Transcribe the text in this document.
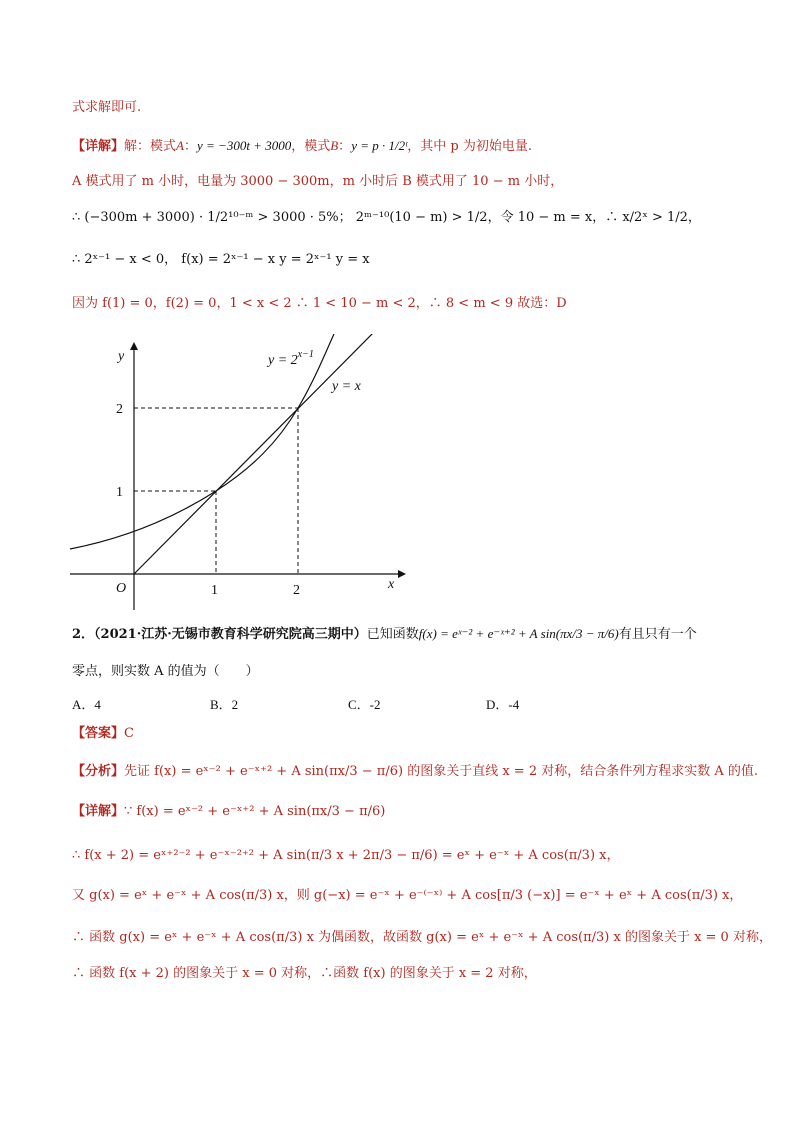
式求解即可.
【详解】解：模式A：y = −300t + 3000，模式B：y = p · 1/2ᵗ，其中 p 为初始电量.
A 模式用了 m 小时，电量为 3000 − 300m，m 小时后 B 模式用了 10 − m 小时，
∴ (−300m + 3000) · 1/2¹⁰⁻ᵐ > 3000 · 5%； 2ᵐ⁻¹⁰(10 − m) > 1/2，令 10 − m = x，∴ x/2ˣ > 1/2，
∴ 2ˣ⁻¹ − x < 0， f(x) = 2ˣ⁻¹ − x y = 2ˣ⁻¹ y = x
因为 f(1) = 0，f(2) = 0，1 < x < 2 ∴ 1 < 10 − m < 2，∴ 8 < m < 9 故选：D
y
x
O
$y = 2^{x-1}$
y = x
1	2
1
2
2．（2021·江苏·无锡市教育科学研究院高三期中）已知函数f(x) = eˣ⁻² + e⁻ˣ⁺² + A sin(πx/3 − π/6)有且只有一个
零点，则实数 A 的值为（　　）
A．4	B．2	C．-2	D．-4
【答案】C
【分析】先证 f(x) = eˣ⁻² + e⁻ˣ⁺² + A sin(πx/3 − π/6) 的图象关于直线 x = 2 对称，结合条件列方程求实数 A 的值.
【详解】∵ f(x) = eˣ⁻² + e⁻ˣ⁺² + A sin(πx/3 − π/6)
∴ f(x + 2) = eˣ⁺²⁻² + e⁻ˣ⁻²⁺² + A sin(π/3 x + 2π/3 − π/6) = eˣ + e⁻ˣ + A cos(π/3) x，
又 g(x) = eˣ + e⁻ˣ + A cos(π/3) x，则 g(−x) = e⁻ˣ + e⁻⁽⁻ˣ⁾ + A cos[π/3 (−x)] = e⁻ˣ + eˣ + A cos(π/3) x，
∴ 函数 g(x) = eˣ + e⁻ˣ + A cos(π/3) x 为偶函数，故函数 g(x) = eˣ + e⁻ˣ + A cos(π/3) x 的图象关于 x = 0 对称，
∴ 函数 f(x + 2) 的图象关于 x = 0 对称，∴函数 f(x) 的图象关于 x = 2 对称，
